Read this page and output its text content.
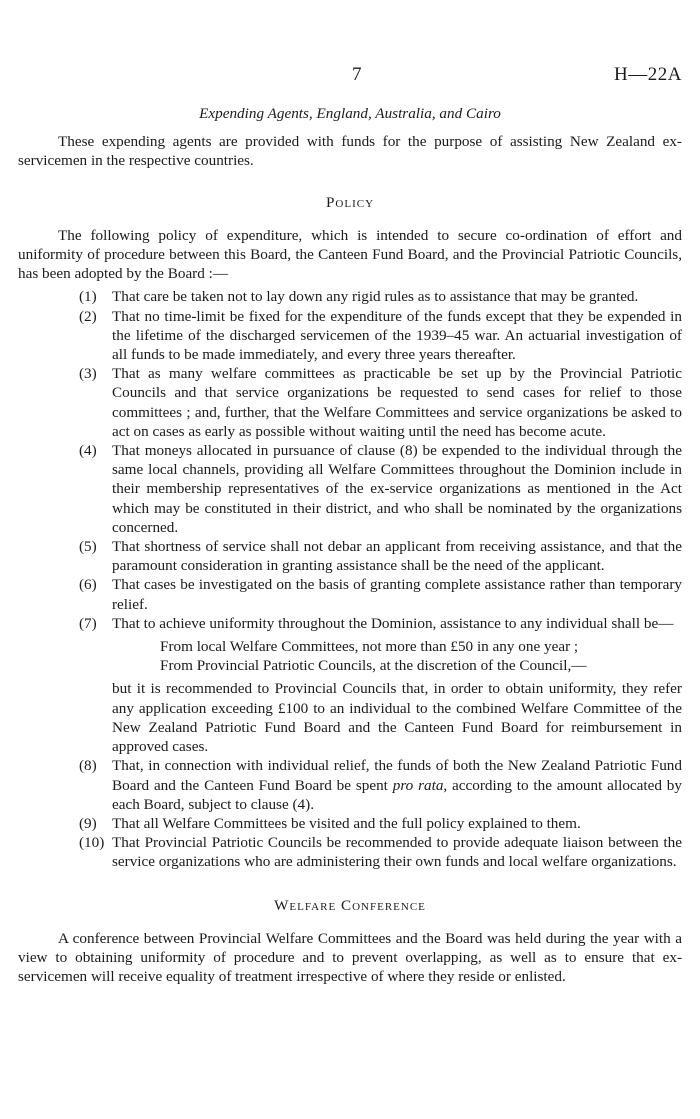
7	H—22A

Expending Agents, England, Australia, and Cairo

These expending agents are provided with funds for the purpose of assisting New Zealand ex-servicemen in the respective countries.

Policy

The following policy of expenditure, which is intended to secure co-ordination of effort and uniformity of procedure between this Board, the Canteen Fund Board, and the Provincial Patriotic Councils, has been adopted by the Board :—

(1) That care be taken not to lay down any rigid rules as to assistance that may be granted.
(2) That no time-limit be fixed for the expenditure of the funds except that they be expended in the lifetime of the discharged servicemen of the 1939–45 war. An actuarial investigation of all funds to be made immediately, and every three years thereafter.
(3) That as many welfare committees as practicable be set up by the Provincial Patriotic Councils and that service organizations be requested to send cases for relief to those committees ; and, further, that the Welfare Committees and service organizations be asked to act on cases as early as possible without waiting until the need has become acute.
(4) That moneys allocated in pursuance of clause (8) be expended to the individual through the same local channels, providing all Welfare Committees throughout the Dominion include in their membership representatives of the ex-service organizations as mentioned in the Act which may be constituted in their district, and who shall be nominated by the organizations concerned.
(5) That shortness of service shall not debar an applicant from receiving assistance, and that the paramount consideration in granting assistance shall be the need of the applicant.
(6) That cases be investigated on the basis of granting complete assistance rather than temporary relief.
(7) That to achieve uniformity throughout the Dominion, assistance to any individual shall be—

From local Welfare Committees, not more than £50 in any one year ;

From Provincial Patriotic Councils, at the discretion of the Council,—

but it is recommended to Provincial Councils that, in order to obtain uniformity, they refer any application exceeding £100 to an individual to the combined Welfare Committee of the New Zealand Patriotic Fund Board and the Canteen Fund Board for reimbursement in approved cases.

(8) That, in connection with individual relief, the funds of both the New Zealand Patriotic Fund Board and the Canteen Fund Board be spent pro rata, according to the amount allocated by each Board, subject to clause (4).
(9) That all Welfare Committees be visited and the full policy explained to them.
(10) That Provincial Patriotic Councils be recommended to provide adequate liaison between the service organizations who are administering their own funds and local welfare organizations.

Welfare Conference

A conference between Provincial Welfare Committees and the Board was held during the year with a view to obtaining uniformity of procedure and to prevent overlapping, as well as to ensure that ex-servicemen will receive equality of treatment irrespective of where they reside or enlisted.
